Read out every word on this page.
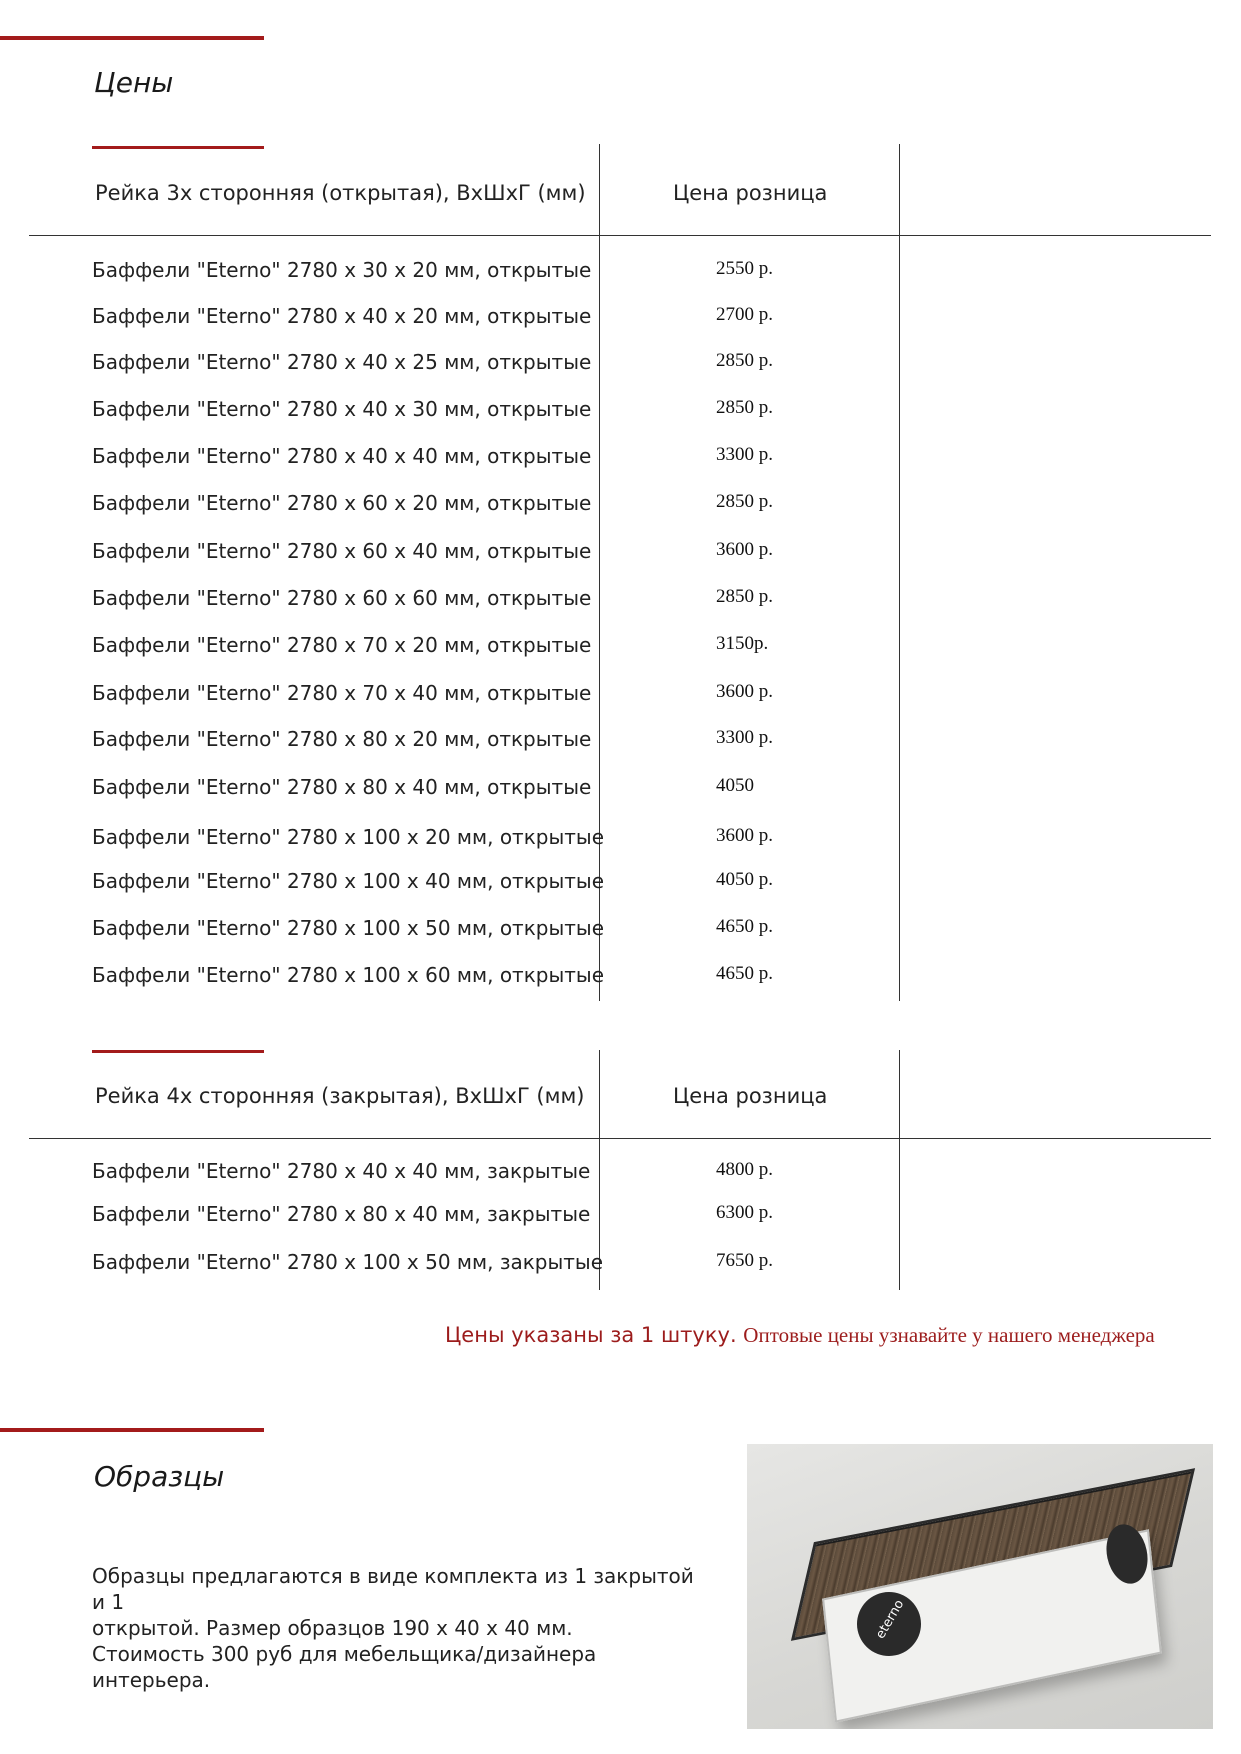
Цены
Рейка 3х сторонняя (открытая), ВхШхГ (мм)	Цена розница
Баффели "Eterno" 2780 x 30 x 20 мм, открытые	2550 р.
Баффели "Eterno" 2780 x 40 x 20 мм, открытые	2700 р.
Баффели "Eterno" 2780 x 40 x 25 мм, открытые	2850 р.
Баффели "Eterno" 2780 x 40 x 30 мм, открытые	2850 р.
Баффели "Eterno" 2780 x 40 x 40 мм, открытые	3300 р.
Баффели "Eterno" 2780 x 60 x 20 мм, открытые	2850 р.
Баффели "Eterno" 2780 x 60 x 40 мм, открытые	3600 р.
Баффели "Eterno" 2780 x 60 x 60 мм, открытые	2850 р.
Баффели "Eterno" 2780 x 70 x 20 мм, открытые	3150р.
Баффели "Eterno" 2780 x 70 x 40 мм, открытые	3600 р.
Баффели "Eterno" 2780 x 80 x 20 мм, открытые	3300 р.
Баффели "Eterno" 2780 x 80 x 40 мм, открытые	4050
Баффели "Eterno" 2780 x 100 x 20 мм, открытые	3600 р.
Баффели "Eterno" 2780 x 100 x 40 мм, открытые	4050 р.
Баффели "Eterno" 2780 x 100 x 50 мм, открытые	4650 р.
Баффели "Eterno" 2780 x 100 x 60 мм, открытые	4650 р.
Рейка 4х сторонняя (закрытая), ВхШхГ (мм)	Цена розница
Баффели "Eterno" 2780 x 40 x 40 мм, закрытые	4800 р.
Баффели "Eterno" 2780 x 80 x 40 мм, закрытые	6300 р.
Баффели "Eterno" 2780 x 100 x 50 мм, закрытые	7650 р.
Цены указаны за 1 штуку. Оптовые цены узнавайте у нашего менеджера
Образцы
Образцы предлагаются в виде комплекта из 1 закрытой и 1
открытой. Размер образцов 190 х 40 х 40 мм.
Стоимость 300 руб для мебельщика/дизайнера интерьера.
eterno
